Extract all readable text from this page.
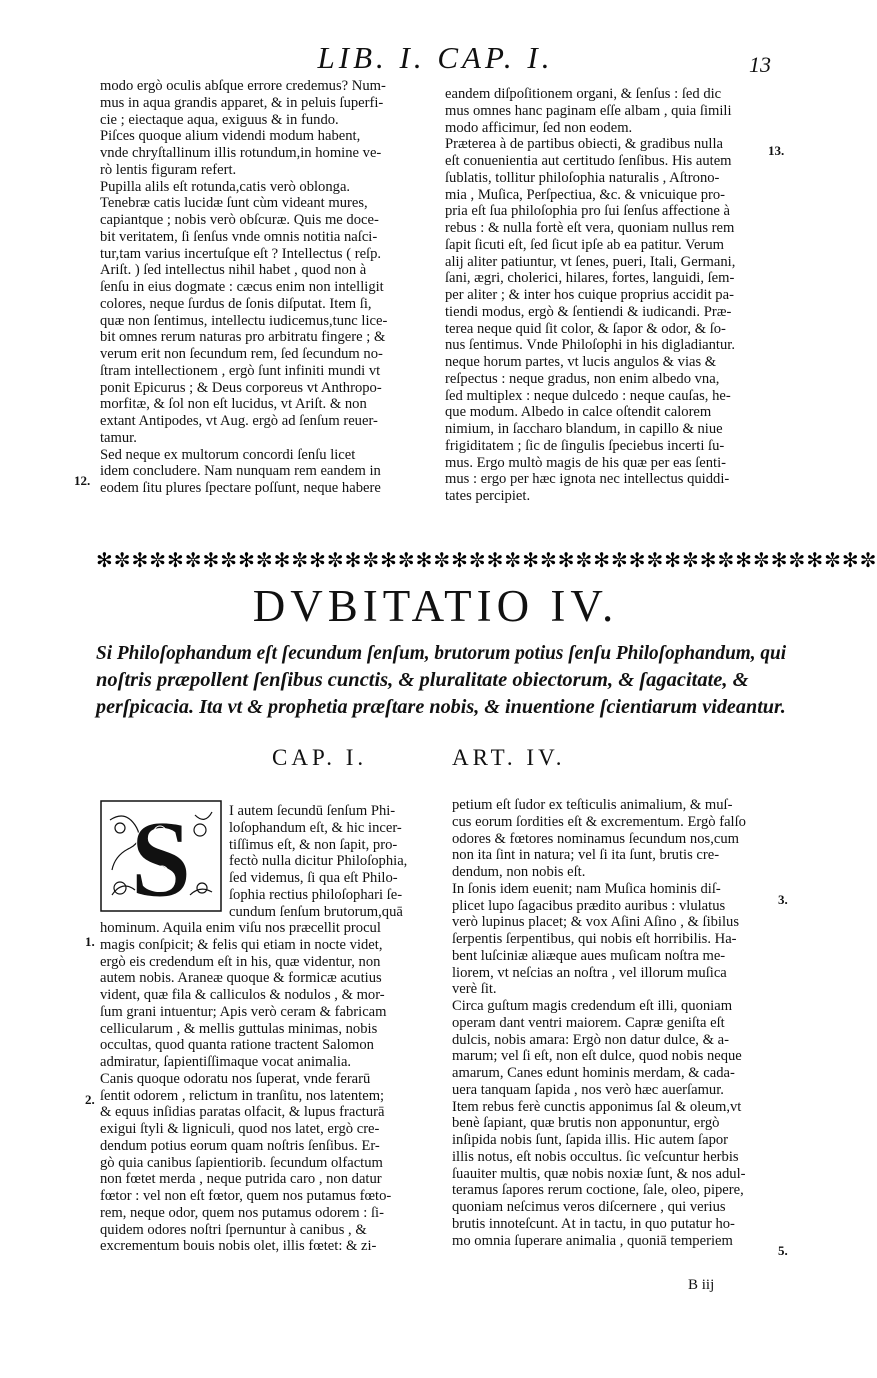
LIB. I. CAP. I.	13
modo ergò oculis abſque errore credemus? Num-
mus in aqua grandis apparet, & in peluis ſuperfi-
cie ; eiectaque aqua, exiguus & in fundo.
Piſces quoque alium videndi modum habent,
vnde chryſtallinum illis rotundum,in homine ve-
rò lentis figuram refert.
Pupilla alils eſt rotunda,catis verò oblonga.
Tenebræ catis lucidæ ſunt cùm videant mures,
capiantque ; nobis verò obſcuræ. Quis me doce-
bit veritatem, ſi ſenſus vnde omnis notitia naſci-
tur,tam varius incertuſque eſt ? Intellectus ( reſp.
Ariſt. ) ſed intellectus nihil habet , quod non à
ſenſu in eius dogmate : cæcus enim non intelligit
colores, neque ſurdus de ſonis diſputat. Item ſi,
quæ non ſentimus, intellectu iudicemus,tunc lice-
bit omnes rerum naturas pro arbitratu fingere ; &
verum erit non ſecundum rem, ſed ſecundum no-
ſtram intellectionem , ergò ſunt infiniti mundi vt
ponit Epicurus ; & Deus corporeus vt Anthropo-
morfitæ, & ſol non eſt lucidus, vt Ariſt. & non
extant Antipodes, vt Aug. ergò ad ſenſum reuer-
tamur.
Sed neque ex multorum concordi ſenſu licet
idem concludere. Nam nunquam rem eandem in
eodem ſitu plures ſpectare poſſunt, neque habere
eandem diſpoſitionem organi, & ſenſus : ſed dic
mus omnes hanc paginam eſſe albam , quia ſimili
modo afficimur, ſed non eodem.
Præterea à de partibus obiecti, & gradibus nulla
eſt conuenientia aut certitudo ſenſibus. His autem
ſublatis, tollitur philoſophia naturalis , Aſtrono-
mia , Muſica, Perſpectiua, &c. & vnicuique pro-
pria eſt ſua philoſophia pro ſui ſenſus affectione à
rebus : & nulla fortè eſt vera, quoniam nullus rem
ſapit ſicuti eſt, ſed ſicut ipſe ab ea patitur. Verum
alij aliter patiuntur, vt ſenes, pueri, Itali, Germani,
ſani, ægri, cholerici, hilares, fortes, languidi, ſem-
per aliter ; & inter hos cuique proprius accidit pa-
tiendi modus, ergò & ſentiendi & iudicandi. Præ-
terea neque quid ſit color, & ſapor & odor, & ſo-
nus ſentimus. Vnde Philoſophi in his digladiantur.
neque horum partes, vt lucis angulos & vias &
reſpectus : neque gradus, non enim albedo vna,
ſed multiplex : neque dulcedo : neque cauſas, he-
que modum. Albedo in calce oſtendit calorem
nimium, in ſaccharo blandum, in capillo & niue
frigiditatem ; ſic de ſingulis ſpeciebus incerti ſu-
mus. Ergo multò magis de his quæ per eas ſenti-
mus : ergo per hæc ignota nec intellectus quiddi-
tates percipiet.
12.
13.
✻✼✻✼✻✼✻✼✻✼✻✼✻✼✻✼✻✼✻✼✻✼✻✼✻✼✻✼✻✼✻✼✻✼✻✼✻✼✻✼✻✼✻✼
DVBITATIO IV.
Si Philoſophandum eſt ſecundum ſenſum, brutorum potius ſenſu Philoſophandum, qui
noſtris præpollent ſenſibus cunctis, & pluralitate obiectorum, & ſagacitate, &
perſpicacia. Ita vt & prophetia præſtare nobis, & inuentione ſcientiarum videantur.
CAP. I.	ART. IV.
S	I autem ſecundū ſenſum Phi-
loſophandum eſt, & hic incer-
tiſſimus eſt, & non ſapit, pro-
fectò nulla dicitur Philoſophia,
ſed videmus, ſi qua eſt Philo-
ſophia rectius philoſophari ſe-
cundum ſenſum brutorum,quā
hominum. Aquila enim viſu nos præcellit procul
magis conſpicit; & felis qui etiam in nocte videt,
ergò eis credendum eſt in his, quæ videntur, non
autem nobis. Araneæ quoque & formicæ acutius
vident, quæ fila & calliculos & nodulos , & mor-
ſum grani intuentur; Apis verò ceram & fabricam
cellicularum , & mellis guttulas minimas, nobis
occultas, quod quanta ratione tractent Salomon
admiratur, ſapientiſſimaque vocat animalia.
Canis quoque odoratu nos ſuperat, vnde ferarū
ſentit odorem , relictum in tranſitu, nos latentem;
& equus inſidias paratas olfacit, & lupus fracturā
exigui ſtyli & ligniculi, quod nos latet, ergò cre-
dendum potius eorum quam noſtris ſenſibus. Er-
gò quia canibus ſapientiorib. ſecundum olfactum
non fœtet merda , neque putrida caro , non datur
fœtor : vel non eſt fœtor, quem nos putamus fœto-
rem, neque odor, quem nos putamus odorem : ſi-
quidem odores noſtri ſpernuntur à canibus , &
excrementum bouis nobis olet, illis fœtet: & zi-
petium eſt ſudor ex teſticulis animalium, & muſ-
cus eorum ſordities eſt & excrementum. Ergò falſo
odores & fœtores nominamus ſecundum nos,cum
non ita ſint in natura; vel ſi ita ſunt, brutis cre-
dendum, non nobis eſt.
In ſonis idem euenit; nam Muſica hominis diſ-
plicet lupo ſagacibus prædito auribus : vlulatus
verò lupinus placet; & vox Aſini Aſino , & ſibilus
ſerpentis ſerpentibus, qui nobis eſt horribilis. Ha-
bent luſciniæ aliæque aues muſicam noſtra me-
liorem, vt neſcias an noſtra , vel illorum muſica
verè ſit.
Circa guſtum magis credendum eſt illi, quoniam
operam dant ventri maiorem. Capræ geniſta eſt
dulcis, nobis amara: Ergò non datur dulce, & a-
marum; vel ſi eſt, non eſt dulce, quod nobis neque
amarum, Canes edunt hominis merdam, & cada-
uera tanquam ſapida , nos verò hæc auerſamur.
Item rebus ferè cunctis apponimus ſal & oleum,vt
benè ſapiant, quæ brutis non apponuntur, ergò
inſipida nobis ſunt, ſapida illis. Hic autem ſapor
illis notus, eſt nobis occultus. ſic veſcuntur herbis
ſuauiter multis, quæ nobis noxiæ ſunt, & nos adul-
teramus ſapores rerum coctione, ſale, oleo, pipere,
quoniam neſcimus veros diſcernere , qui verius
brutis innoteſcunt. At in tactu, in quo putatur ho-
mo omnia ſuperare animalia , quoniā temperiem
1.
2.
3.
5.
B iij
